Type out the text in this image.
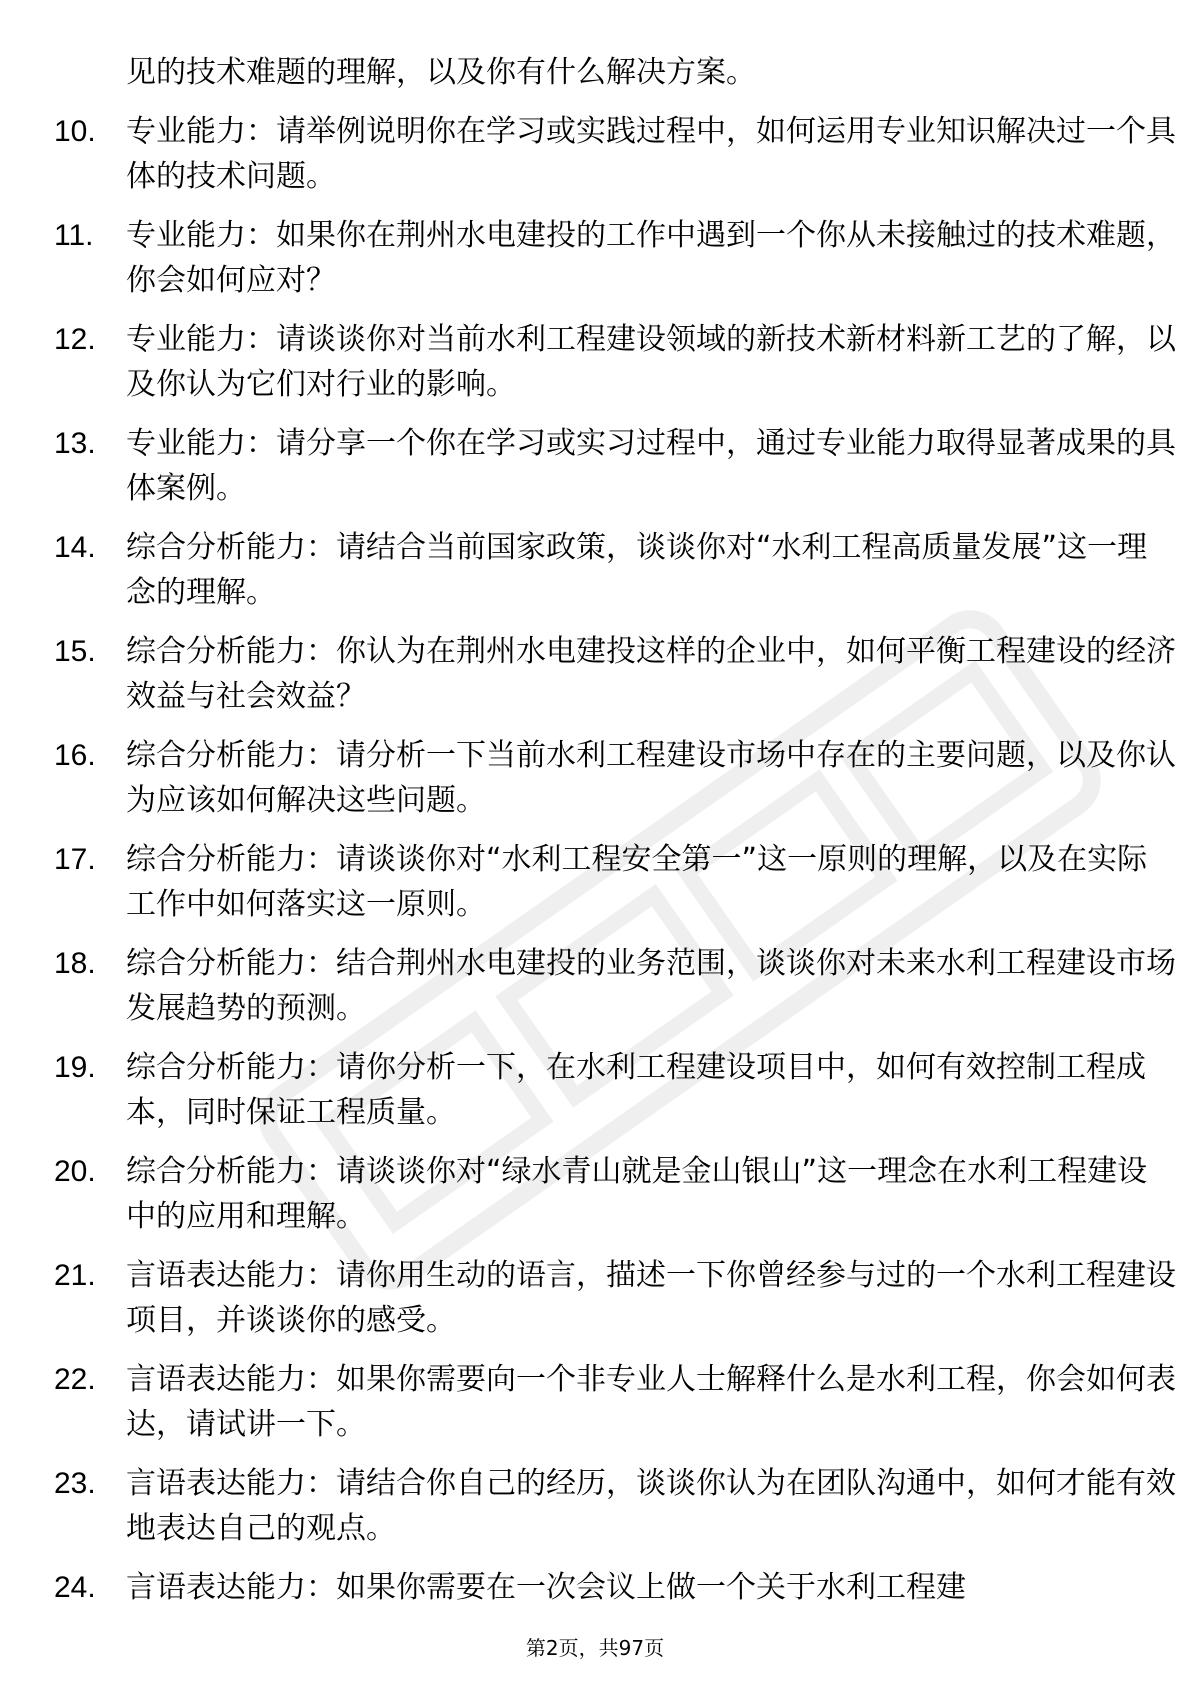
见的技术难题的理解，以及你有什么解决方案。
10.	专业能力：请举例说明你在学习或实践过程中，如何运用专业知识解决过一个具体的技术问题。
11.	专业能力：如果你在荆州水电建投的工作中遇到一个你从未接触过的技术难题，你会如何应对？
12.	专业能力：请谈谈你对当前水利工程建设领域的新技术新材料新工艺的了解，以及你认为它们对行业的影响。
13.	专业能力：请分享一个你在学习或实习过程中，通过专业能力取得显著成果的具体案例。
14.	综合分析能力：请结合当前国家政策，谈谈你对“水利工程高质量发展”这一理念的理解。
15.	综合分析能力：你认为在荆州水电建投这样的企业中，如何平衡工程建设的经济效益与社会效益？
16.	综合分析能力：请分析一下当前水利工程建设市场中存在的主要问题，以及你认为应该如何解决这些问题。
17.	综合分析能力：请谈谈你对“水利工程安全第一”这一原则的理解，以及在实际工作中如何落实这一原则。
18.	综合分析能力：结合荆州水电建投的业务范围，谈谈你对未来水利工程建设市场发展趋势的预测。
19.	综合分析能力：请你分析一下，在水利工程建设项目中，如何有效控制工程成本，同时保证工程质量。
20.	综合分析能力：请谈谈你对“绿水青山就是金山银山”这一理念在水利工程建设中的应用和理解。
21.	言语表达能力：请你用生动的语言，描述一下你曾经参与过的一个水利工程建设项目，并谈谈你的感受。
22.	言语表达能力：如果你需要向一个非专业人士解释什么是水利工程，你会如何表达，请试讲一下。
23.	言语表达能力：请结合你自己的经历，谈谈你认为在团队沟通中，如何才能有效地表达自己的观点。
24.	言语表达能力：如果你需要在一次会议上做一个关于水利工程建
第2页，共97页
